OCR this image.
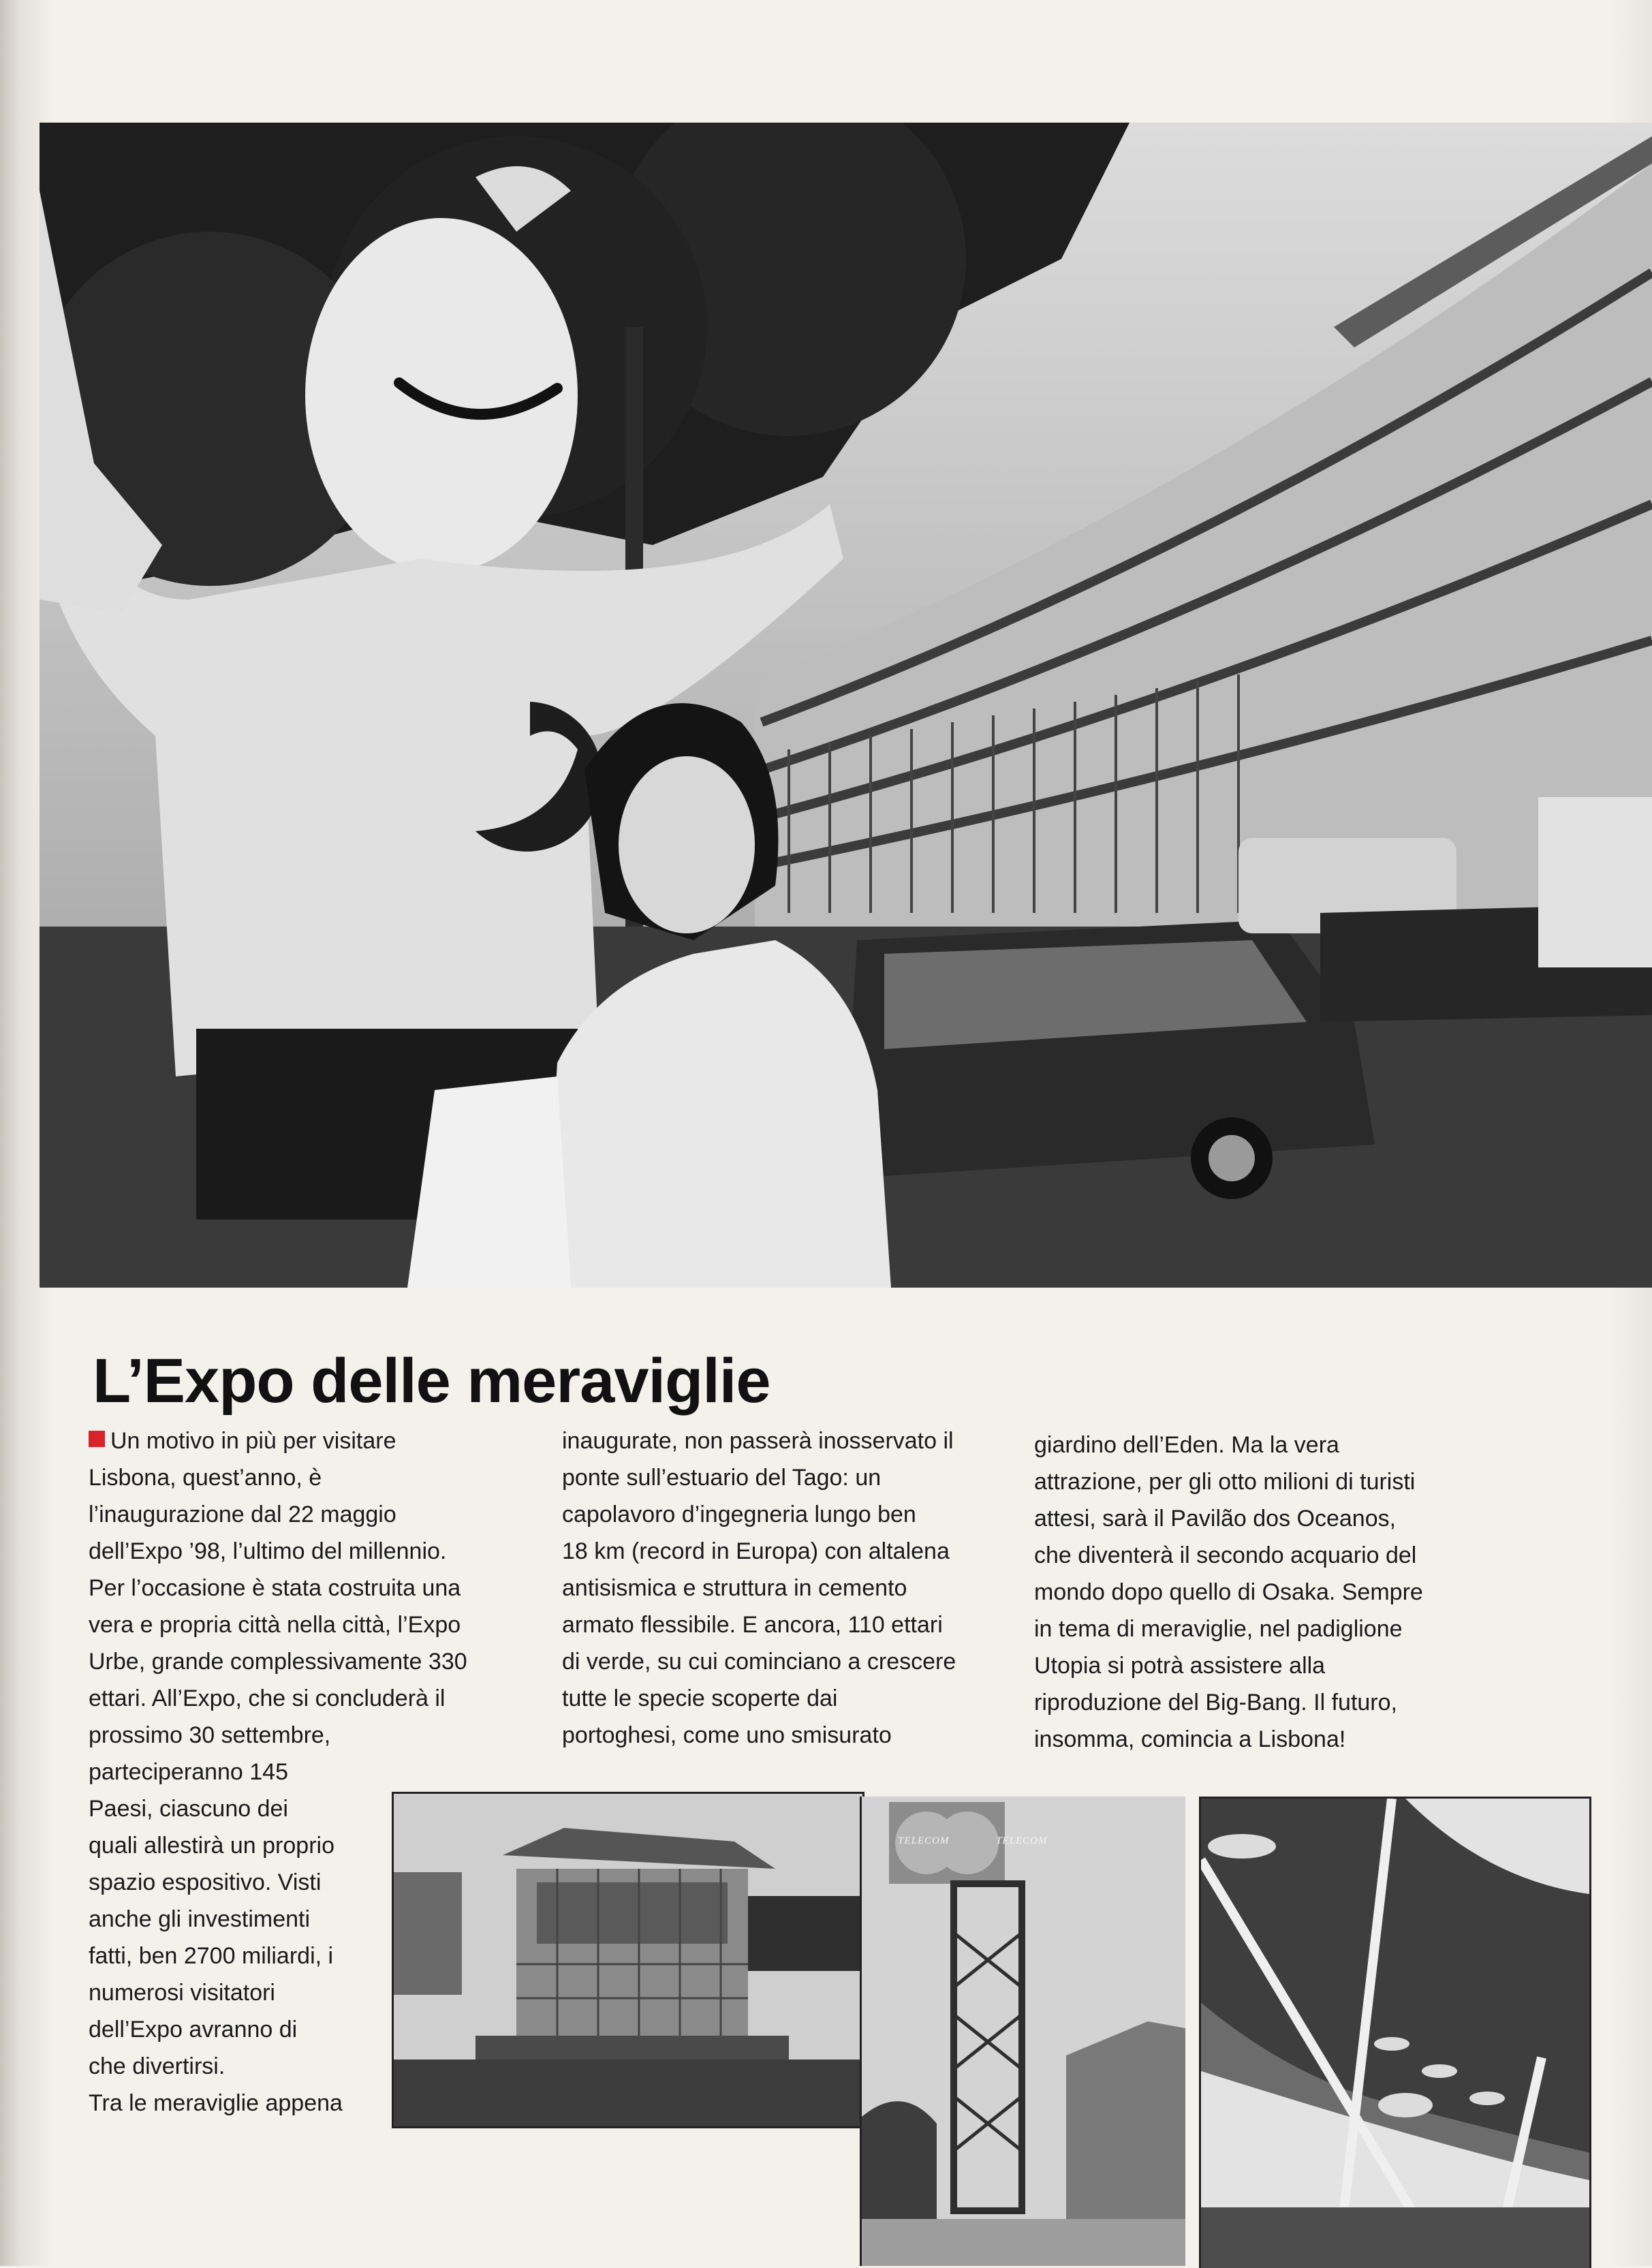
L’Expo delle meraviglie

Un motivo in più per visitare

Lisbona, quest’anno, è

l’inaugurazione dal 22 maggio

dell’Expo ’98, l’ultimo del millennio.

Per l’occasione è stata costruita una

vera e propria città nella città, l’Expo

Urbe, grande complessivamente 330

ettari. All’Expo, che si concluderà il

prossimo 30 settembre,

parteciperanno 145

Paesi, ciascuno dei

quali allestirà un proprio

spazio espositivo. Visti

anche gli investimenti

fatti, ben 2700 miliardi, i

numerosi visitatori

dell’Expo avranno di

che divertirsi.

Tra le meraviglie appena

inaugurate, non passerà inosservato il

ponte sull’estuario del Tago: un

capolavoro d’ingegneria lungo ben

18 km (record in Europa) con altalena

antisismica e struttura in cemento

armato flessibile. E ancora, 110 ettari

di verde, su cui cominciano a crescere

tutte le specie scoperte dai

portoghesi, come uno smisurato

giardino dell’Eden. Ma la vera

attrazione, per gli otto milioni di turisti

attesi, sarà il Pavilão dos Oceanos,

che diventerà il secondo acquario del

mondo dopo quello di Osaka. Sempre

in tema di meraviglie, nel padiglione

Utopia si potrà assistere alla

riproduzione del Big-Bang. Il futuro,

insomma, comincia a Lisbona!

TELECOM	TELECOM
